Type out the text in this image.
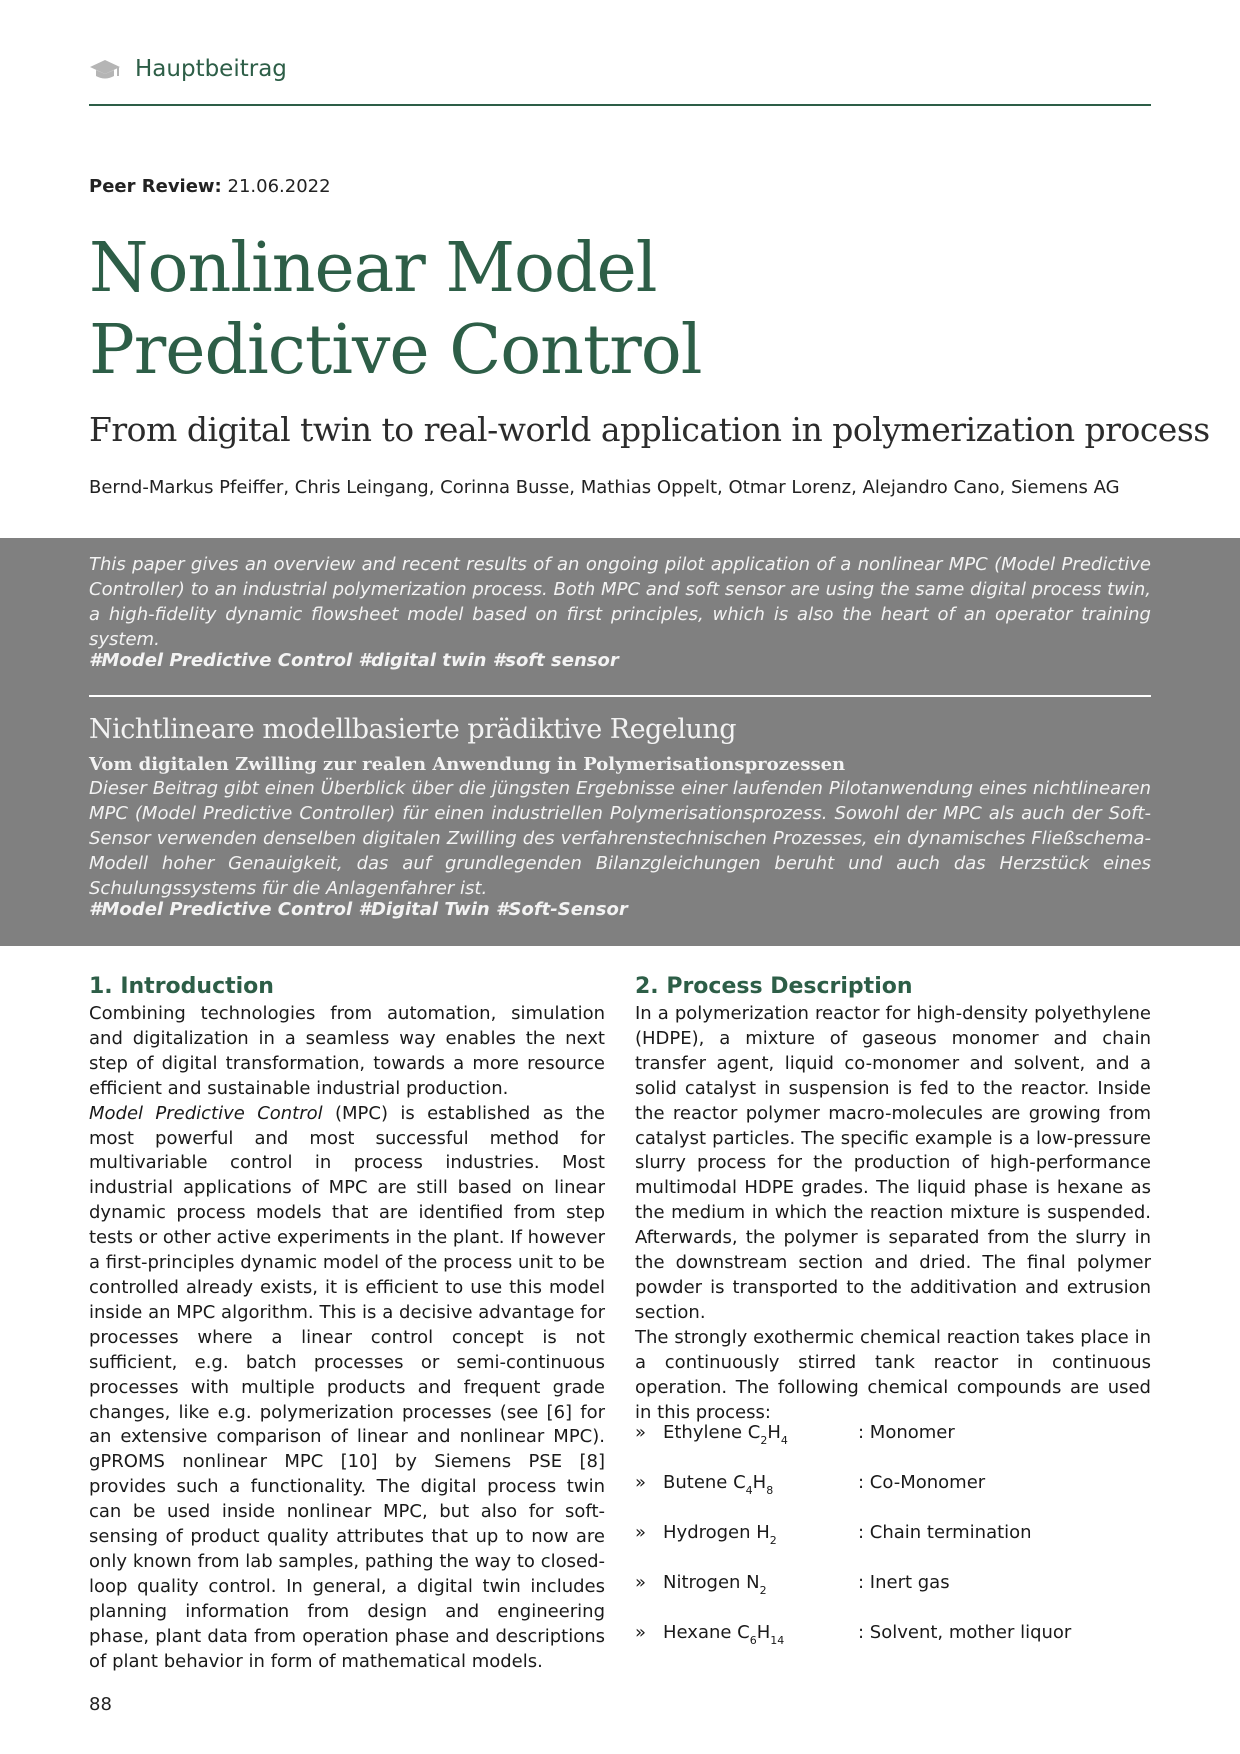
Hauptbeitrag
Peer Review: 21.06.2022
Nonlinear Model
Predictive Control
From digital twin to real-world application in polymerization process
Bernd-Markus Pfeiffer, Chris Leingang, Corinna Busse, Mathias Oppelt, Otmar Lorenz, Alejandro Cano, Siemens AG

This paper gives an overview and recent results of an ongoing pilot application of a nonlinear MPC (Model Predictive Controller) to an industrial polymerization process. Both MPC and soft sensor are using the same digital process twin, a high-fidelity dynamic flowsheet model based on first principles, which is also the heart of an operator training system.

#Model Predictive Control #digital twin #soft sensor

Nichtlineare modellbasierte prädiktive Regelung
Vom digitalen Zwilling zur realen Anwendung in Polymerisationsprozessen

Dieser Beitrag gibt einen Überblick über die jüngsten Ergebnisse einer laufenden Pilotanwendung eines nichtlinearen MPC (Model Predictive Controller) für einen industriellen Polymerisationsprozess. Sowohl der MPC als auch der Soft-Sensor verwenden denselben digitalen Zwilling des verfahrenstechnischen Prozesses, ein dynamisches Fließschema-Modell hoher Genauigkeit, das auf grundlegenden Bilanzgleichungen beruht und auch das Herzstück eines Schulungssystems für die Anlagenfahrer ist.

#Model Predictive Control #Digital Twin #Soft-Sensor

1. Introduction

Combining technologies from automation, simulation and digitalization in a seamless way enables the next step of digital transformation, towards a more resource efficient and sustainable industrial production.

Model Predictive Control (MPC) is established as the most powerful and most successful method for multivariable control in process industries. Most industrial applications of MPC are still based on linear dynamic process models that are identified from step tests or other active experiments in the plant. If however a first-principles dynamic model of the process unit to be controlled already exists, it is efficient to use this model inside an MPC algorithm. This is a decisive advantage for processes where a linear control concept is not sufficient, e.g. batch processes or semi-continuous processes with multiple products and frequent grade changes, like e.g. polymerization processes (see [6] for an extensive comparison of linear and nonlinear MPC). gPROMS nonlinear MPC [10] by Siemens PSE [8] provides such a functionality. The digital process twin can be used inside nonlinear MPC, but also for soft-sensing of product quality attributes that up to now are only known from lab samples, pathing the way to closed-loop quality control. In general, a digital twin includes planning information from design and engineering phase, plant data from operation phase and descriptions of plant behavior in form of mathematical models.

2. Process Description

In a polymerization reactor for high-density polyethylene (HDPE), a mixture of gaseous monomer and chain transfer agent, liquid co-monomer and solvent, and a solid catalyst in suspension is fed to the reactor. Inside the reactor polymer macro-molecules are growing from catalyst particles. The specific example is a low-pressure slurry process for the production of high-performance multimodal HDPE grades. The liquid phase is hexane as the medium in which the reaction mixture is suspended. Afterwards, the polymer is separated from the slurry in the downstream section and dried. The final polymer powder is transported to the additivation and extrusion section.

The strongly exothermic chemical reaction takes place in a continuously stirred tank reactor in continuous operation. The following chemical compounds are used in this process:

» Ethylene $C_2H_4$	: Monomer
» Butene $C_4H_8$	: Co-Monomer
» Hydrogen $H_2$	: Chain termination
» Nitrogen $N_2$	: Inert gas
» Hexane $C_6H_{14}$	: Solvent, mother liquor
88
